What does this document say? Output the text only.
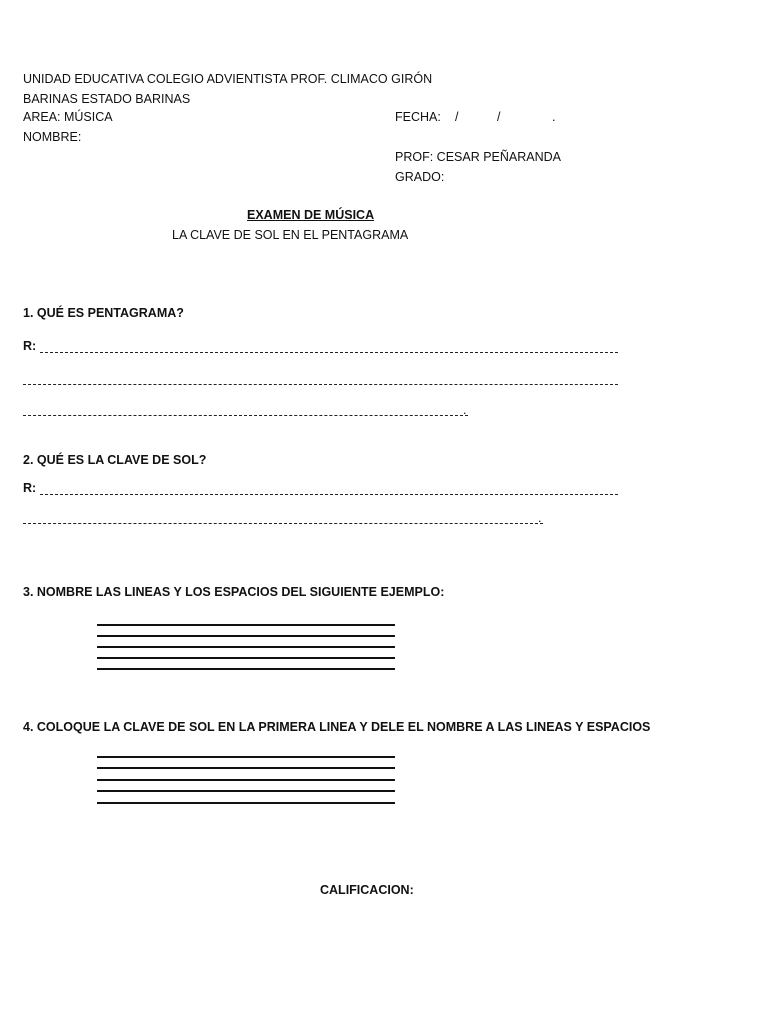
UNIDAD EDUCATIVA COLEGIO ADVIENTISTA PROF. CLIMACO GIRÓN
BARINAS ESTADO BARINAS
AREA: MÚSICA
NOMBRE:
FECHA: /	/	.
PROF: CESAR PEÑARANDA
GRADO:
EXAMEN DE MÚSICA
LA CLAVE DE SOL EN EL PENTAGRAMA
1. QUÉ ES PENTAGRAMA?
R:
.
2. QUÉ ES LA CLAVE DE SOL?
R:
.
3. NOMBRE LAS LINEAS Y LOS ESPACIOS DEL SIGUIENTE EJEMPLO:
4. COLOQUE LA CLAVE DE SOL EN LA PRIMERA LINEA Y DELE EL NOMBRE A LAS LINEAS Y ESPACIOS
CALIFICACION:
